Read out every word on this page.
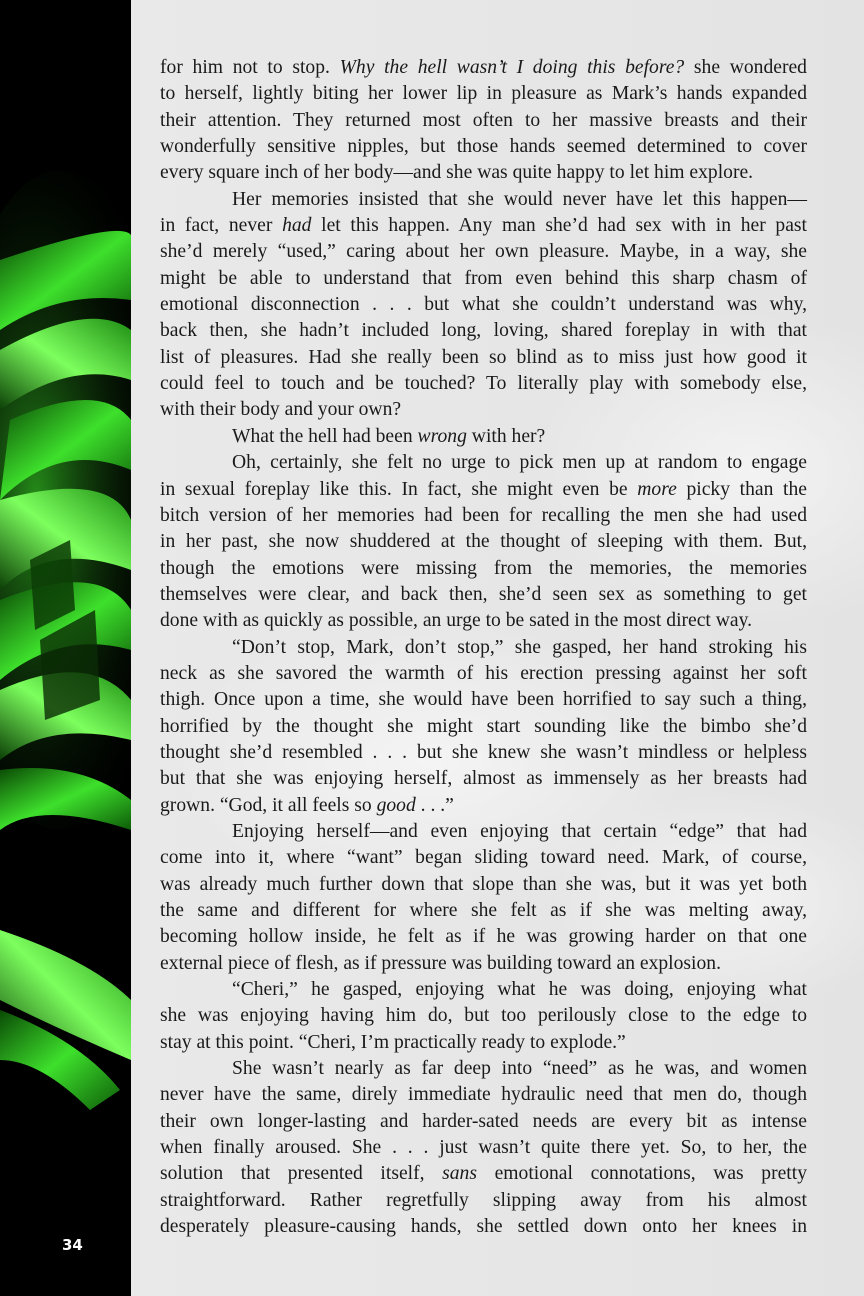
34
for him not to stop. Why the hell wasn’t I doing this before? she wondered
to herself, lightly biting her lower lip in pleasure as Mark’s hands expanded
their attention. They returned most often to her massive breasts and their
wonderfully sensitive nipples, but those hands seemed determined to cover
every square inch of her body—and she was quite happy to let him explore.
Her memories insisted that she would never have let this happen—
in fact, never had let this happen. Any man she’d had sex with in her past
she’d merely “used,” caring about her own pleasure. Maybe, in a way, she
might be able to understand that from even behind this sharp chasm of
emotional disconnection . . . but what she couldn’t understand was why,
back then, she hadn’t included long, loving, shared foreplay in with that
list of pleasures. Had she really been so blind as to miss just how good it
could feel to touch and be touched? To literally play with somebody else,
with their body and your own?
What the hell had been wrong with her?
Oh, certainly, she felt no urge to pick men up at random to engage
in sexual foreplay like this. In fact, she might even be more picky than the
bitch version of her memories had been for recalling the men she had used
in her past, she now shuddered at the thought of sleeping with them. But,
though the emotions were missing from the memories, the memories
themselves were clear, and back then, she’d seen sex as something to get
done with as quickly as possible, an urge to be sated in the most direct way.
“Don’t stop, Mark, don’t stop,” she gasped, her hand stroking his
neck as she savored the warmth of his erection pressing against her soft
thigh. Once upon a time, she would have been horrified to say such a thing,
horrified by the thought she might start sounding like the bimbo she’d
thought she’d resembled . . . but she knew she wasn’t mindless or helpless
but that she was enjoying herself, almost as immensely as her breasts had
grown. “God, it all feels so good . . .”
Enjoying herself—and even enjoying that certain “edge” that had
come into it, where “want” began sliding toward need. Mark, of course,
was already much further down that slope than she was, but it was yet both
the same and different for where she felt as if she was melting away,
becoming hollow inside, he felt as if he was growing harder on that one
external piece of flesh, as if pressure was building toward an explosion.
“Cheri,” he gasped, enjoying what he was doing, enjoying what
she was enjoying having him do, but too perilously close to the edge to
stay at this point. “Cheri, I’m practically ready to explode.”
She wasn’t nearly as far deep into “need” as he was, and women
never have the same, direly immediate hydraulic need that men do, though
their own longer-lasting and harder-sated needs are every bit as intense
when finally aroused. She . . . just wasn’t quite there yet. So, to her, the
solution that presented itself, sans emotional connotations, was pretty
straightforward. Rather regretfully slipping away from his almost
desperately pleasure-causing hands, she settled down onto her knees in
